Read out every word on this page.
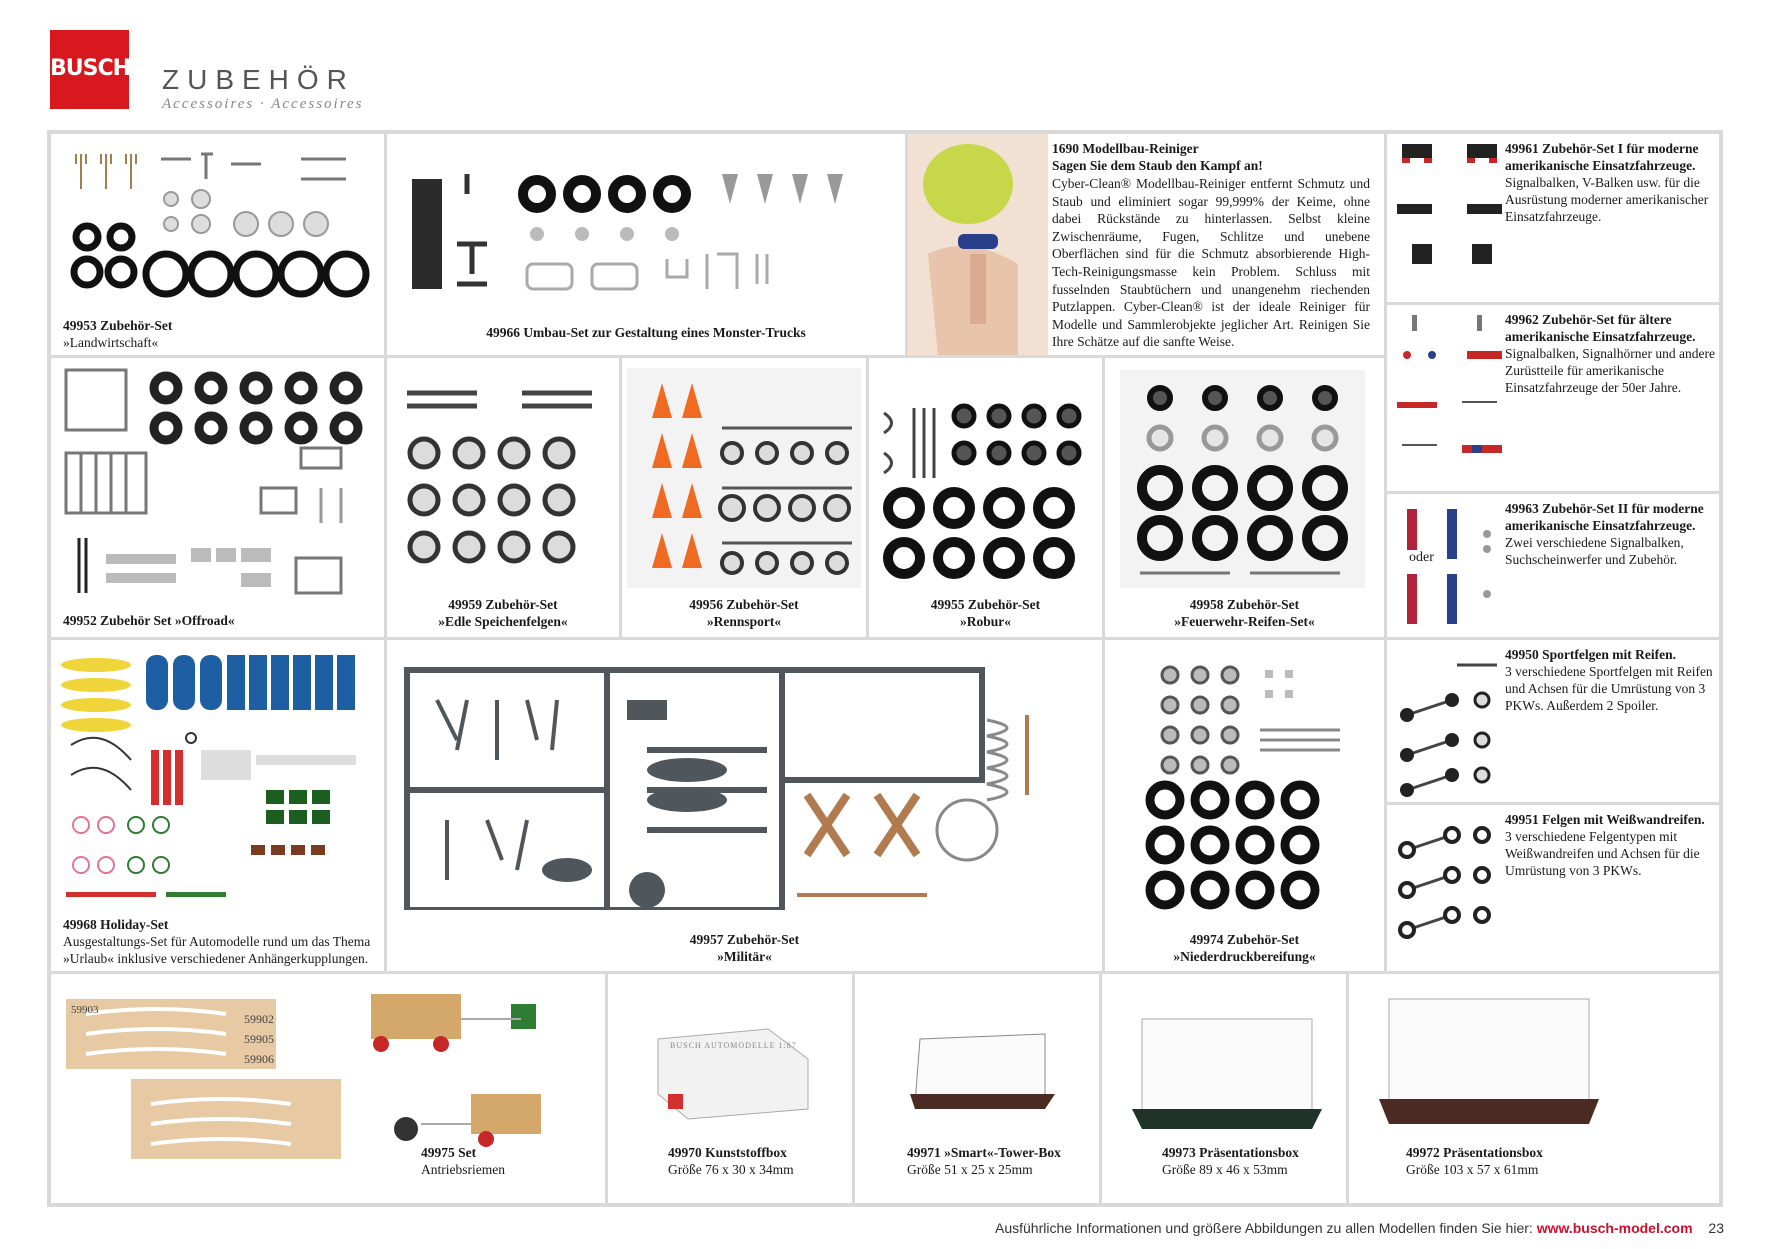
BUSCH ZUBEHÖR
Accessoires · Accessoires
49953 Zubehör-Set
»Landwirtschaft«
49966 Umbau-Set zur Gestaltung eines Monster-Trucks
1690 Modellbau-Reiniger
Sagen Sie dem Staub den Kampf an!
Cyber-Clean® Modellbau-Reiniger entfernt Schmutz und Staub und eliminiert sogar 99,999% der Keime, ohne dabei Rückstände zu hinterlassen. Selbst kleine Zwischenräume, Fugen, Schlitze und unebene Oberflächen sind für die Schmutz absorbierende High-Tech-Reinigungsmasse kein Problem. Schluss mit fusselnden Staubtüchern und unangenehm riechenden Putzlappen. Cyber-Clean® ist der ideale Reiniger für Modelle und Sammlerobjekte jeglicher Art. Reinigen Sie Ihre Schätze auf die sanfte Weise.
49961 Zubehör-Set I für moderne amerikanische Einsatzfahrzeuge.
Signalbalken, V-Balken usw. für die Ausrüstung moderner amerikanischer Einsatzfahrzeuge.
49962 Zubehör-Set für ältere amerikanische Einsatzfahrzeuge.
Signalbalken, Signalhörner und andere Zurüstteile für amerikanische Einsatzfahrzeuge der 50er Jahre.
oder
49963 Zubehör-Set II für moderne amerikanische Einsatzfahrzeuge.
Zwei verschiedene Signalbalken, Suchscheinwerfer und Zubehör.
49952 Zubehör Set »Offroad«
49959 Zubehör-Set
»Edle Speichenfelgen«
49956 Zubehör-Set
»Rennsport«
49955 Zubehör-Set
»Robur«
49958 Zubehör-Set
»Feuerwehr-Reifen-Set«
49968 Holiday-Set
Ausgestaltungs-Set für Automodelle rund um das Thema »Urlaub« inklusive verschiedener Anhängerkupplungen.
49957 Zubehör-Set
»Militär«
49974 Zubehör-Set
»Niederdruckbereifung«
49950 Sportfelgen mit Reifen.
3 verschiedene Sportfelgen mit Reifen und Achsen für die Umrüstung von 3 PKWs. Außerdem 2 Spoiler.
49951 Felgen mit Weißwandreifen.
3 verschiedene Felgentypen mit Weißwandreifen und Achsen für die Umrüstung von 3 PKWs.
59902
59905
59906
59903
49975 Set
Antriebsriemen
BUSCH AUTOMODELLE 1:87
49970 Kunststoffbox
Größe 76 x 30 x 34mm
49971 »Smart«-Tower-Box
Größe 51 x 25 x 25mm
49973 Präsentationsbox
Größe 89 x 46 x 53mm
49972 Präsentationsbox
Größe 103 x 57 x 61mm
Ausführliche Informationen und größere Abbildungen zu allen Modellen finden Sie hier: www.busch-model.com 23
